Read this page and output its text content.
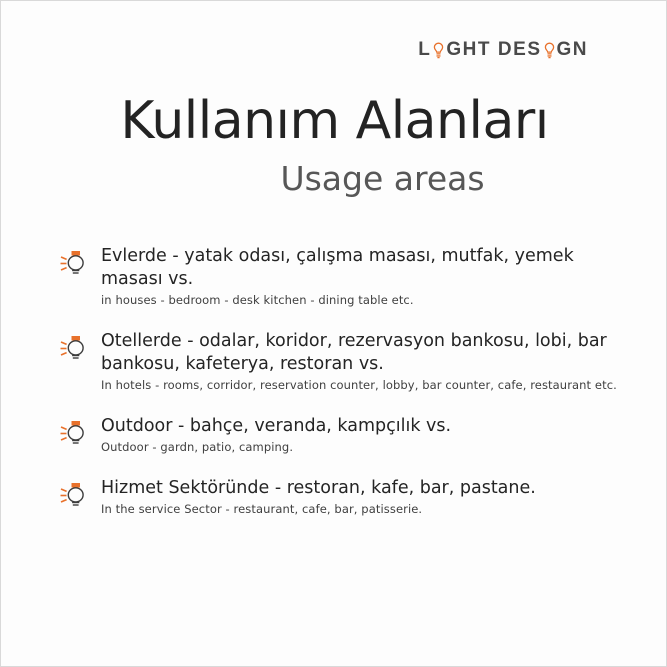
L GHT DES GN
Kullanım Alanları
Usage areas

Evlerde - yatak odası, çalışma masası, mutfak, yemek masası vs.

in houses - bedroom - desk kitchen - dining table etc.

Otellerde - odalar, koridor, rezervasyon bankosu, lobi, bar bankosu, kafeterya, restoran vs.

In hotels - rooms, corridor, reservation counter, lobby, bar counter, cafe, restaurant etc.

Outdoor - bahçe, veranda, kampçılık vs.

Outdoor - gardn, patio, camping.

Hizmet Sektöründe - restoran, kafe, bar, pastane.

In the service Sector - restaurant, cafe, bar, patisserie.
